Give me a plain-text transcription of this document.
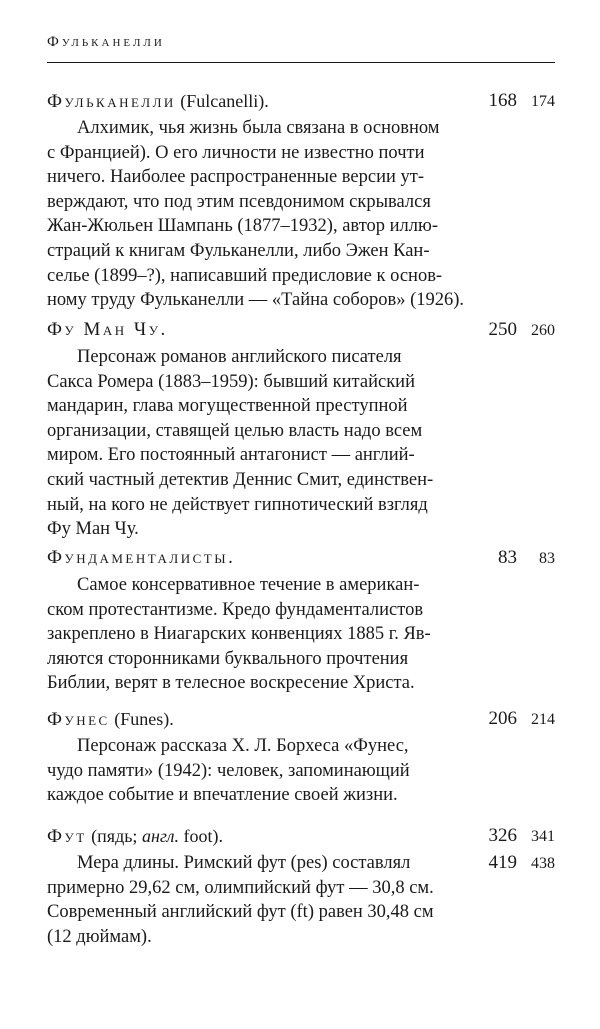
Фульканелли
Фульканелли (Fulcanelli).	168 174
Алхимик, чья жизнь была связана в основном
с Францией). О его личности не известно почти
ничего. Наиболее распространенные версии ут-
верждают, что под этим псевдонимом скрывался
Жан-Жюльен Шампань (1877–1932), автор иллю-
страций к книгам Фульканелли, либо Эжен Кан-
селье (1899–?), написавший предисловие к основ-
ному труду Фульканелли — «Тайна соборов» (1926).
Фу Ман Чу.	250 260
Персонаж романов английского писателя
Сакса Ромера (1883–1959): бывший китайский
мандарин, глава могущественной преступной
организации, ставящей целью власть надо всем
миром. Его постоянный антагонист — англий-
ский частный детектив Деннис Смит, единствен-
ный, на кого не действует гипнотический взгляд
Фу Ман Чу.
Фундаменталисты.	83 83
Самое консервативное течение в американ-
ском протестантизме. Кредо фундаменталистов
закреплено в Ниагарских конвенциях 1885 г. Яв-
ляются сторонниками буквального прочтения
Библии, верят в телесное воскресение Христа.
Фунес (Funes).	206 214
Персонаж рассказа Х. Л. Борхеса «Фунес,
чудо памяти» (1942): человек, запоминающий
каждое событие и впечатление своей жизни.
Фут (пядь; англ. foot).	326 341
419 438
Мера длины. Римский фут (pes) составлял
примерно 29,62 см, олимпийский фут — 30,8 см.
Современный английский фут (ft) равен 30,48 см
(12 дюймам).
